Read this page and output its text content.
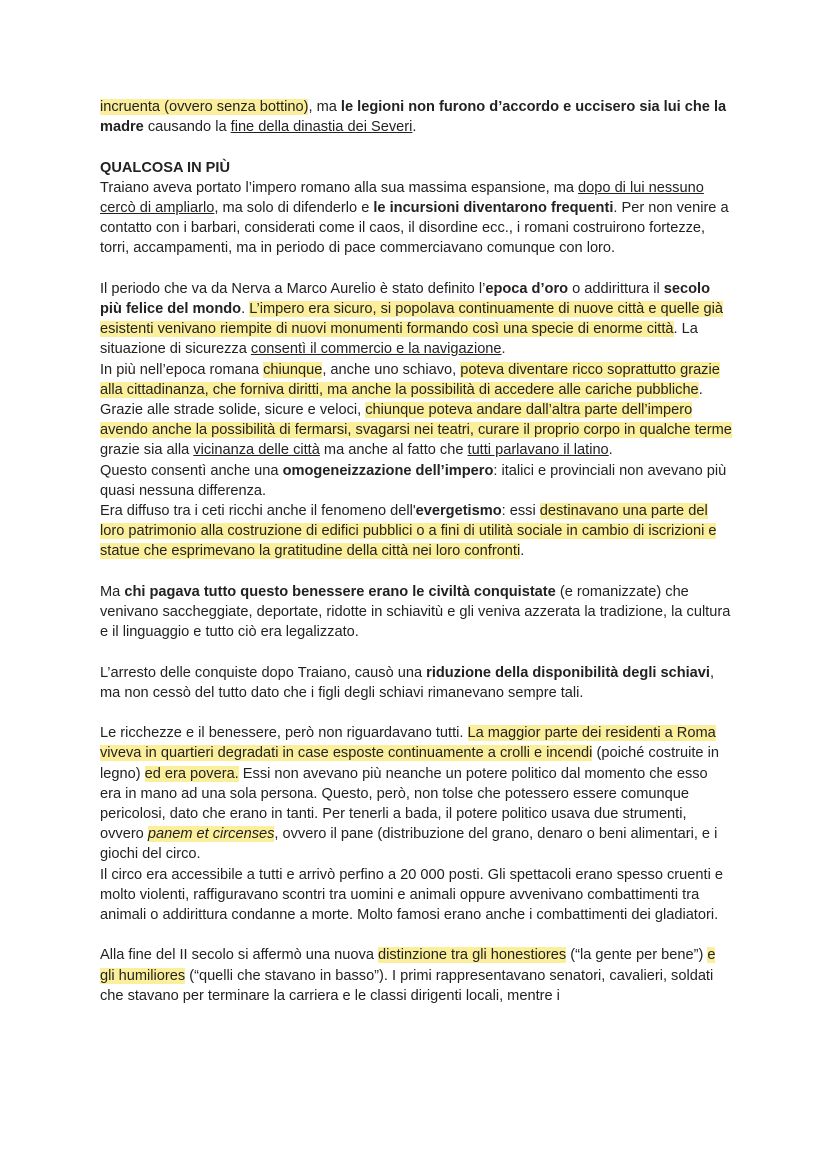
incruenta (ovvero senza bottino), ma le legioni non furono d’accordo e uccisero sia lui che la madre causando la fine della dinastia dei Severi.

QUALCOSA IN PIÙ

Traiano aveva portato l’impero romano alla sua massima espansione, ma dopo di lui nessuno cercò di ampliarlo, ma solo di difenderlo e le incursioni diventarono frequenti. Per non venire a contatto con i barbari, considerati come il caos, il disordine ecc., i romani costruirono fortezze, torri, accampamenti, ma in periodo di pace commerciavano comunque con loro.

Il periodo che va da Nerva a Marco Aurelio è stato definito l’epoca d’oro o addirittura il secolo più felice del mondo. L’impero era sicuro, si popolava continuamente di nuove città e quelle già esistenti venivano riempite di nuovi monumenti formando così una specie di enorme città. La situazione di sicurezza consentì il commercio e la navigazione.

In più nell’epoca romana chiunque, anche uno schiavo, poteva diventare ricco soprattutto grazie alla cittadinanza, che forniva diritti, ma anche la possibilità di accedere alle cariche pubbliche.

Grazie alle strade solide, sicure e veloci, chiunque poteva andare dall’altra parte dell’impero avendo anche la possibilità di fermarsi, svagarsi nei teatri, curare il proprio corpo in qualche terme grazie sia alla vicinanza delle città ma anche al fatto che tutti parlavano il latino.

Questo consentì anche una omogeneizzazione dell’impero: italici e provinciali non avevano più quasi nessuna differenza.

Era diffuso tra i ceti ricchi anche il fenomeno dell'evergetismo: essi destinavano una parte del loro patrimonio alla costruzione di edifici pubblici o a fini di utilità sociale in cambio di iscrizioni e statue che esprimevano la gratitudine della città nei loro confronti.

Ma chi pagava tutto questo benessere erano le civiltà conquistate (e romanizzate) che venivano saccheggiate, deportate, ridotte in schiavitù e gli veniva azzerata la tradizione, la cultura e il linguaggio e tutto ciò era legalizzato.

L’arresto delle conquiste dopo Traiano, causò una riduzione della disponibilità degli schiavi, ma non cessò del tutto dato che i figli degli schiavi rimanevano sempre tali.

Le ricchezze e il benessere, però non riguardavano tutti. La maggior parte dei residenti a Roma viveva in quartieri degradati in case esposte continuamente a crolli e incendi (poiché costruite in legno) ed era povera. Essi non avevano più neanche un potere politico dal momento che esso era in mano ad una sola persona. Questo, però, non tolse che potessero essere comunque pericolosi, dato che erano in tanti. Per tenerli a bada, il potere politico usava due strumenti, ovvero panem et circenses, ovvero il pane (distribuzione del grano, denaro o beni alimentari, e i giochi del circo.

Il circo era accessibile a tutti e arrivò perfino a 20 000 posti. Gli spettacoli erano spesso cruenti e molto violenti, raffiguravano scontri tra uomini e animali oppure avvenivano combattimenti tra animali o addirittura condanne a morte. Molto famosi erano anche i combattimenti dei gladiatori.

Alla fine del II secolo si affermò una nuova distinzione tra gli honestiores (“la gente per bene”) e gli humiliores (“quelli che stavano in basso”). I primi rappresentavano senatori, cavalieri, soldati che stavano per terminare la carriera e le classi dirigenti locali, mentre i
